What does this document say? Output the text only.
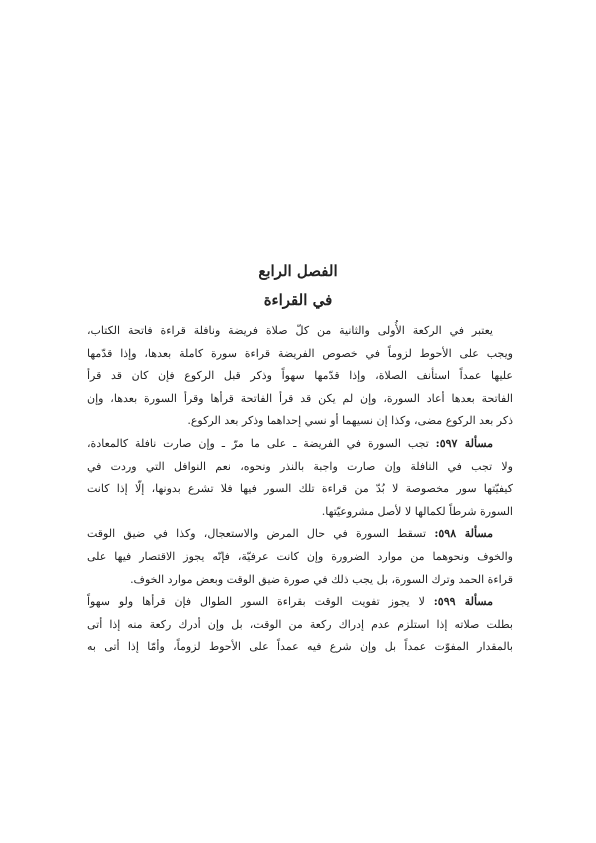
الفصل الرابع
في القراءة
يعتبر في الركعة الأُولى والثانية من كلّ صلاة فريضة ونافلة قراءة فاتحة الكتاب،
ويجب على الأحوط لزوماً في خصوص الفريضة قراءة سورة كاملة بعدها، وإذا قدّمها
عليها عمداً استأنف الصلاة، وإذا قدّمها سهواً وذكر قبل الركوع فإن كان قد قرأ
الفاتحة بعدها أعاد السورة، وإن لم يكن قد قرأ الفاتحة قرأها وقرأ السورة بعدها، وإن
ذكر بعد الركوع مضى، وكذا إن نسيهما أو نسي إحداهما وذكر بعد الركوع.
مسألة ٥٩٧: تجب السورة في الفريضة ـ على ما مرّ ـ وإن صارت نافلة كالمعادة،
ولا تجب في النافلة وإن صارت واجبة بالنذر ونحوه، نعم النوافل التي وردت في
كيفيّتها سور مخصوصة لا بُدّ من قراءة تلك السور فيها فلا تشرع بدونها، إلّا إذا كانت
السورة شرطاً لكمالها لا لأصل مشروعيّتها.
مسألة ٥٩٨: تسقط السورة في حال المرض والاستعجال، وكذا في ضيق الوقت
والخوف ونحوهما من موارد الضرورة وإن كانت عرفيّة، فإنّه يجوز الاقتصار فيها على
قراءة الحمد وترك السورة، بل يجب ذلك في صورة ضيق الوقت وبعض موارد الخوف.
مسألة ٥٩٩: لا يجوز تفويت الوقت بقراءة السور الطوال فإن قرأها ولو سهواً
بطلت صلاته إذا استلزم عدم إدراك ركعة من الوقت، بل وإن أدرك ركعة منه إذا أتى
بالمقدار المفوّت عمداً بل وإن شرع فيه عمداً على الأحوط لزوماً، وأمّا إذا أتى به
